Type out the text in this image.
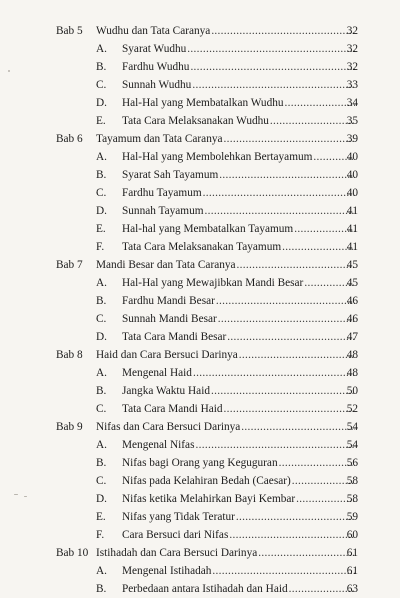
Bab 5 Wudhu dan Tata Caranya .....	32
A. Syarat Wudhu .....	32
B. Fardhu Wudhu .....	32
C. Sunnah Wudhu .....	33
D. Hal-Hal yang Membatalkan Wudhu .....	34
E. Tata Cara Melaksanakan Wudhu .....	35
Bab 6 Tayamum dan Tata Caranya .....	39
A. Hal-Hal yang Membolehkan Bertayamum .....	40
B. Syarat Sah Tayamum .....	40
C. Fardhu Tayamum .....	40
D. Sunnah Tayamum .....	41
E. Hal-hal yang Membatalkan Tayamum .....	41
F. Tata Cara Melaksanakan Tayamum .....	41
Bab 7 Mandi Besar dan Tata Caranya .....	45
A. Hal-Hal yang Mewajibkan Mandi Besar .....	45
B. Fardhu Mandi Besar .....	46
C. Sunnah Mandi Besar .....	46
D. Tata Cara Mandi Besar .....	47
Bab 8 Haid dan Cara Bersuci Darinya .....	48
A. Mengenal Haid .....	48
B. Jangka Waktu Haid .....	50
C. Tata Cara Mandi Haid .....	52
Bab 9 Nifas dan Cara Bersuci Darinya .....	54
A. Mengenal Nifas .....	54
B. Nifas bagi Orang yang Keguguran .....	56
C. Nifas pada Kelahiran Bedah (Caesar) .....	58
D. Nifas ketika Melahirkan Bayi Kembar .....	58
E. Nifas yang Tidak Teratur .....	59
F. Cara Bersuci dari Nifas .....	60
Bab 10 Istihadah dan Cara Bersuci Darinya .....	61
A. Mengenal Istihadah .....	61
B. Perbedaan antara Istihadah dan Haid .....	63
